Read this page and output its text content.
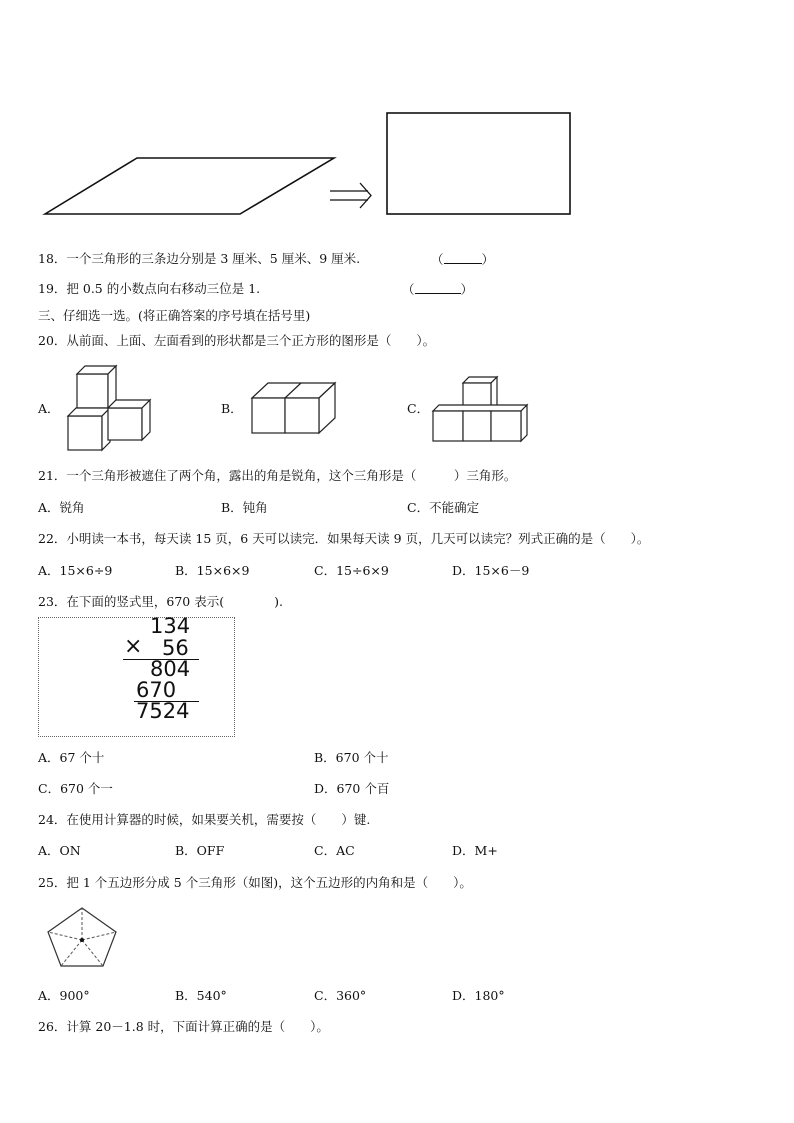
18．一个三角形的三条边分别是 3 厘米、5 厘米、9 厘米.	（	）
19．把 0.5 的小数点向右移动三位是 1.	（	）
三、仔细选一选。(将正确答案的序号填在括号里)
20．从前面、上面、左面看到的形状都是三个正方形的图形是（　　）。
A．	B．	C．
21．一个三角形被遮住了两个角，露出的角是锐角，这个三角形是（　　　）三角形。
A．锐角	B．钝角	C．不能确定
22．小明读一本书，每天读 15 页，6 天可以读完．如果每天读 9 页，几天可以读完？列式正确的是（　　）。
A．15×6÷9	B．15×6×9	C．15÷6×9	D．15×6－9
23．在下面的竖式里，670 表示(　　　　).
134
× 56
804
670
7524
A．67 个十	B．670 个十
C．670 个一	D．670 个百
24．在使用计算器的时候，如果要关机，需要按（　　）键.
A．ON	B．OFF	C．AC	D．M+
25．把 1 个五边形分成 5 个三角形（如图)，这个五边形的内角和是（　　）。
A．900°	B．540°	C．360°	D．180°
26．计算 20－1.8 时，下面计算正确的是（　　）。
